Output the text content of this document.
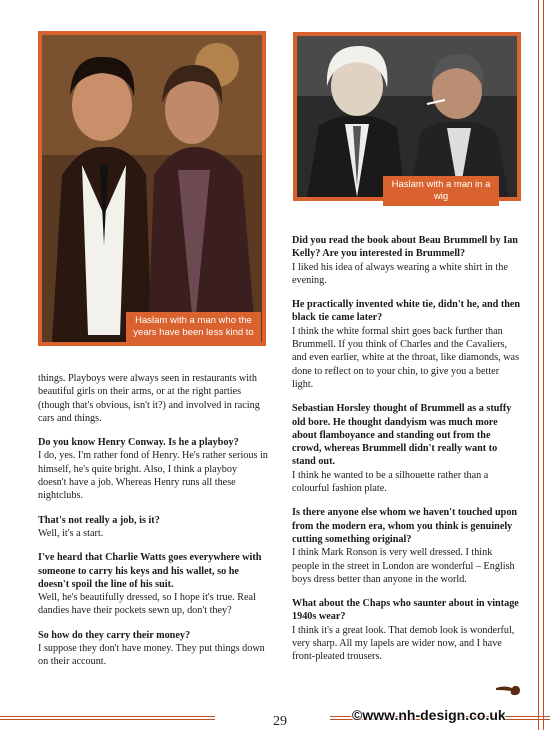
Haslam with a man who the years have been less kind to
Haslam with a man in a wig

things. Playboys were always seen in restaurants with beautiful girls on their arms, or at the right parties (though that's obvious, isn't it?) and involved in racing cars and things.

Do you know Henry Conway. Is he a playboy?
I do, yes. I'm rather fond of Henry. He's rather serious in himself, he's quite bright. Also, I think a playboy doesn't have a job. Whereas Henry runs all these nightclubs.

That's not really a job, is it?
Well, it's a start.

I've heard that Charlie Watts goes everywhere with someone to carry his keys and his wallet, so he doesn't spoil the line of his suit.
Well, he's beautifully dressed, so I hope it's true. Real dandies have their pockets sewn up, don't they?

So how do they carry their money?
I suppose they don't have money. They put things down on their account.

Did you read the book about Beau Brummell by Ian Kelly? Are you interested in Brummell?
I liked his idea of always wearing a white shirt in the evening.

He practically invented white tie, didn't he, and then black tie came later?
I think the white formal shirt goes back further than Brummell. If you think of Charles and the Cavaliers, and even earlier, white at the throat, like diamonds, was done to reflect on to your chin, to give you a better light.

Sebastian Horsley thought of Brummell as a stuffy old bore. He thought dandyism was much more about flamboyance and standing out from the crowd, whereas Brummell didn't really want to stand out.
I think he wanted to be a silhouette rather than a colourful fashion plate.

Is there anyone else whom we haven't touched upon from the modern era, whom you think is genuinely cutting something original?
I think Mark Ronson is very well dressed. I think people in the street in London are wonderful – English boys dress better than anyone in the world.

What about the Chaps who saunter about in vintage 1940s wear?
I think it's a great look. That demob look is wonderful, very sharp. All my lapels are wider now, and I have front-pleated trousers.

29	©www.nh-design.co.uk
